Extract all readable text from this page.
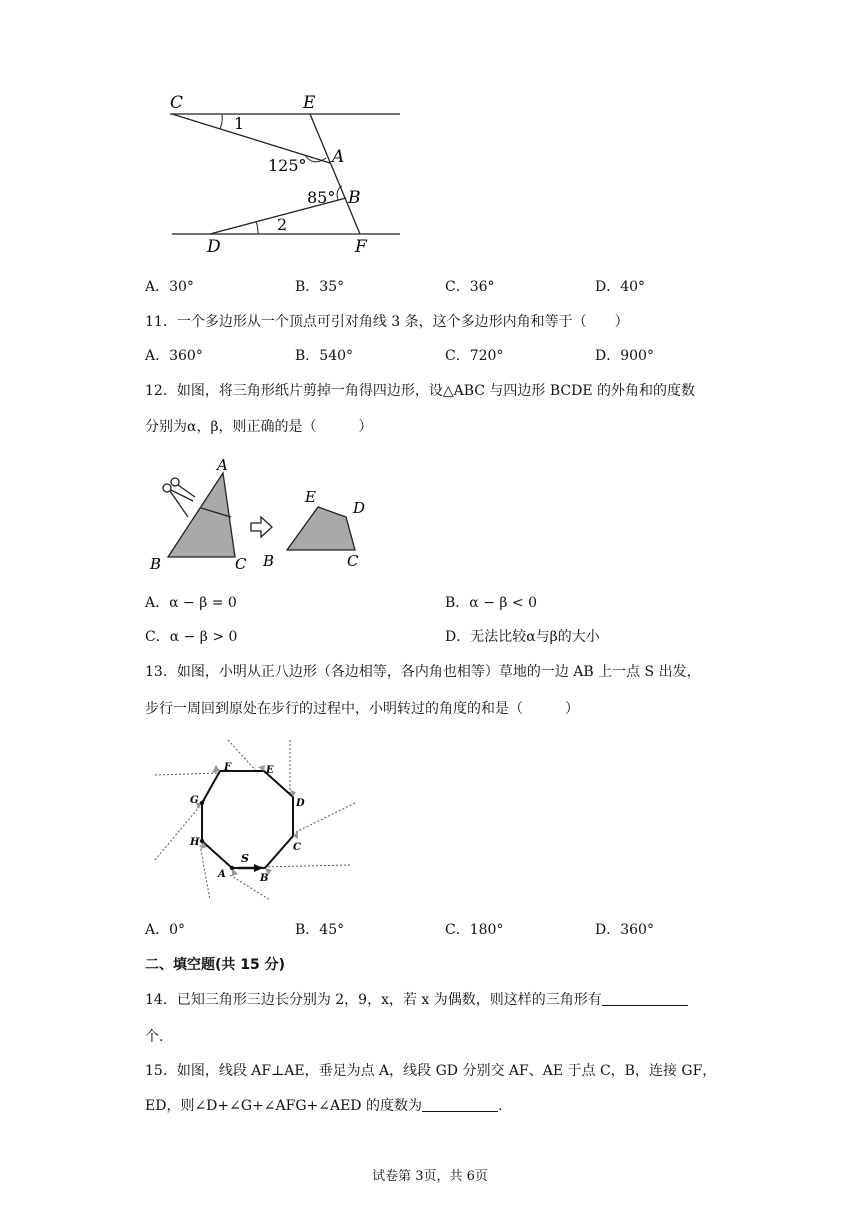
C	E
A
B
D	F
1
2
125°
85°
A．30°	B．35°	C．36°	D．40°
11．一个多边形从一个顶点可引对角线 3 条，这个多边形内角和等于（　　）
A．360°	B．540°	C．720°	D．900°
12．如图，将三角形纸片剪掉一角得四边形，设△ABC 与四边形 BCDE 的外角和的度数
分别为α，β，则正确的是（　　　）
A
B	C
E
D
B	C
A．α − β = 0	B．α − β < 0
C．α − β > 0	D．无法比较α与β的大小
13．如图，小明从正八边形（各边相等，各内角也相等）草地的一边 AB 上一点 S 出发，
步行一周回到原处在步行的过程中，小明转过的角度的和是（　　　）
A
S
B
C
D
E
F
G
H
A．0°	B．45°	C．180°	D．360°
二、填空题(共 15 分)
14．已知三角形三边长分别为 2，9，x，若 x 为偶数，则这样的三角形有
个.
15．如图，线段 AF⊥AE，垂足为点 A，线段 GD 分别交 AF、AE 于点 C，B，连接 GF，
ED，则∠D+∠G+∠AFG+∠AED 的度数为	.
试卷第 3页，共 6页
